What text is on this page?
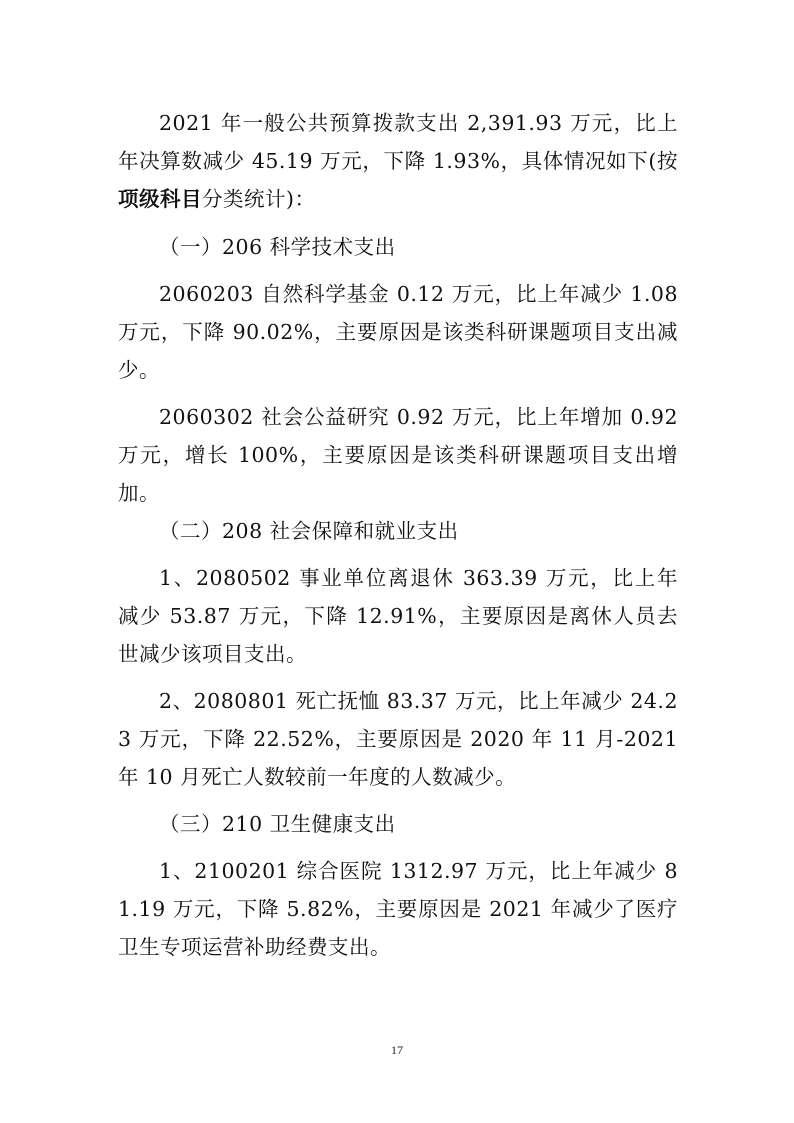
2021 年一般公共预算拨款支出 2,391.93 万元，比上年决算数减少 45.19 万元，下降 1.93%，具体情况如下(按项级科目分类统计)：

（一）206 科学技术支出

2060203 自然科学基金 0.12 万元，比上年减少 1.08 万元，下降 90.02%，主要原因是该类科研课题项目支出减少。

2060302 社会公益研究 0.92 万元，比上年增加 0.92 万元，增长 100%，主要原因是该类科研课题项目支出增加。

（二）208 社会保障和就业支出

1、2080502 事业单位离退休 363.39 万元，比上年减少 53.87 万元，下降 12.91%，主要原因是离休人员去世减少该项目支出。

2、2080801 死亡抚恤 83.37 万元，比上年减少 24.23 万元，下降 22.52%，主要原因是 2020 年 11 月-2021 年 10 月死亡人数较前一年度的人数减少。

（三）210 卫生健康支出

1、2100201 综合医院 1312.97 万元，比上年减少 81.19 万元，下降 5.82%，主要原因是 2021 年减少了医疗卫生专项运营补助经费支出。

17
